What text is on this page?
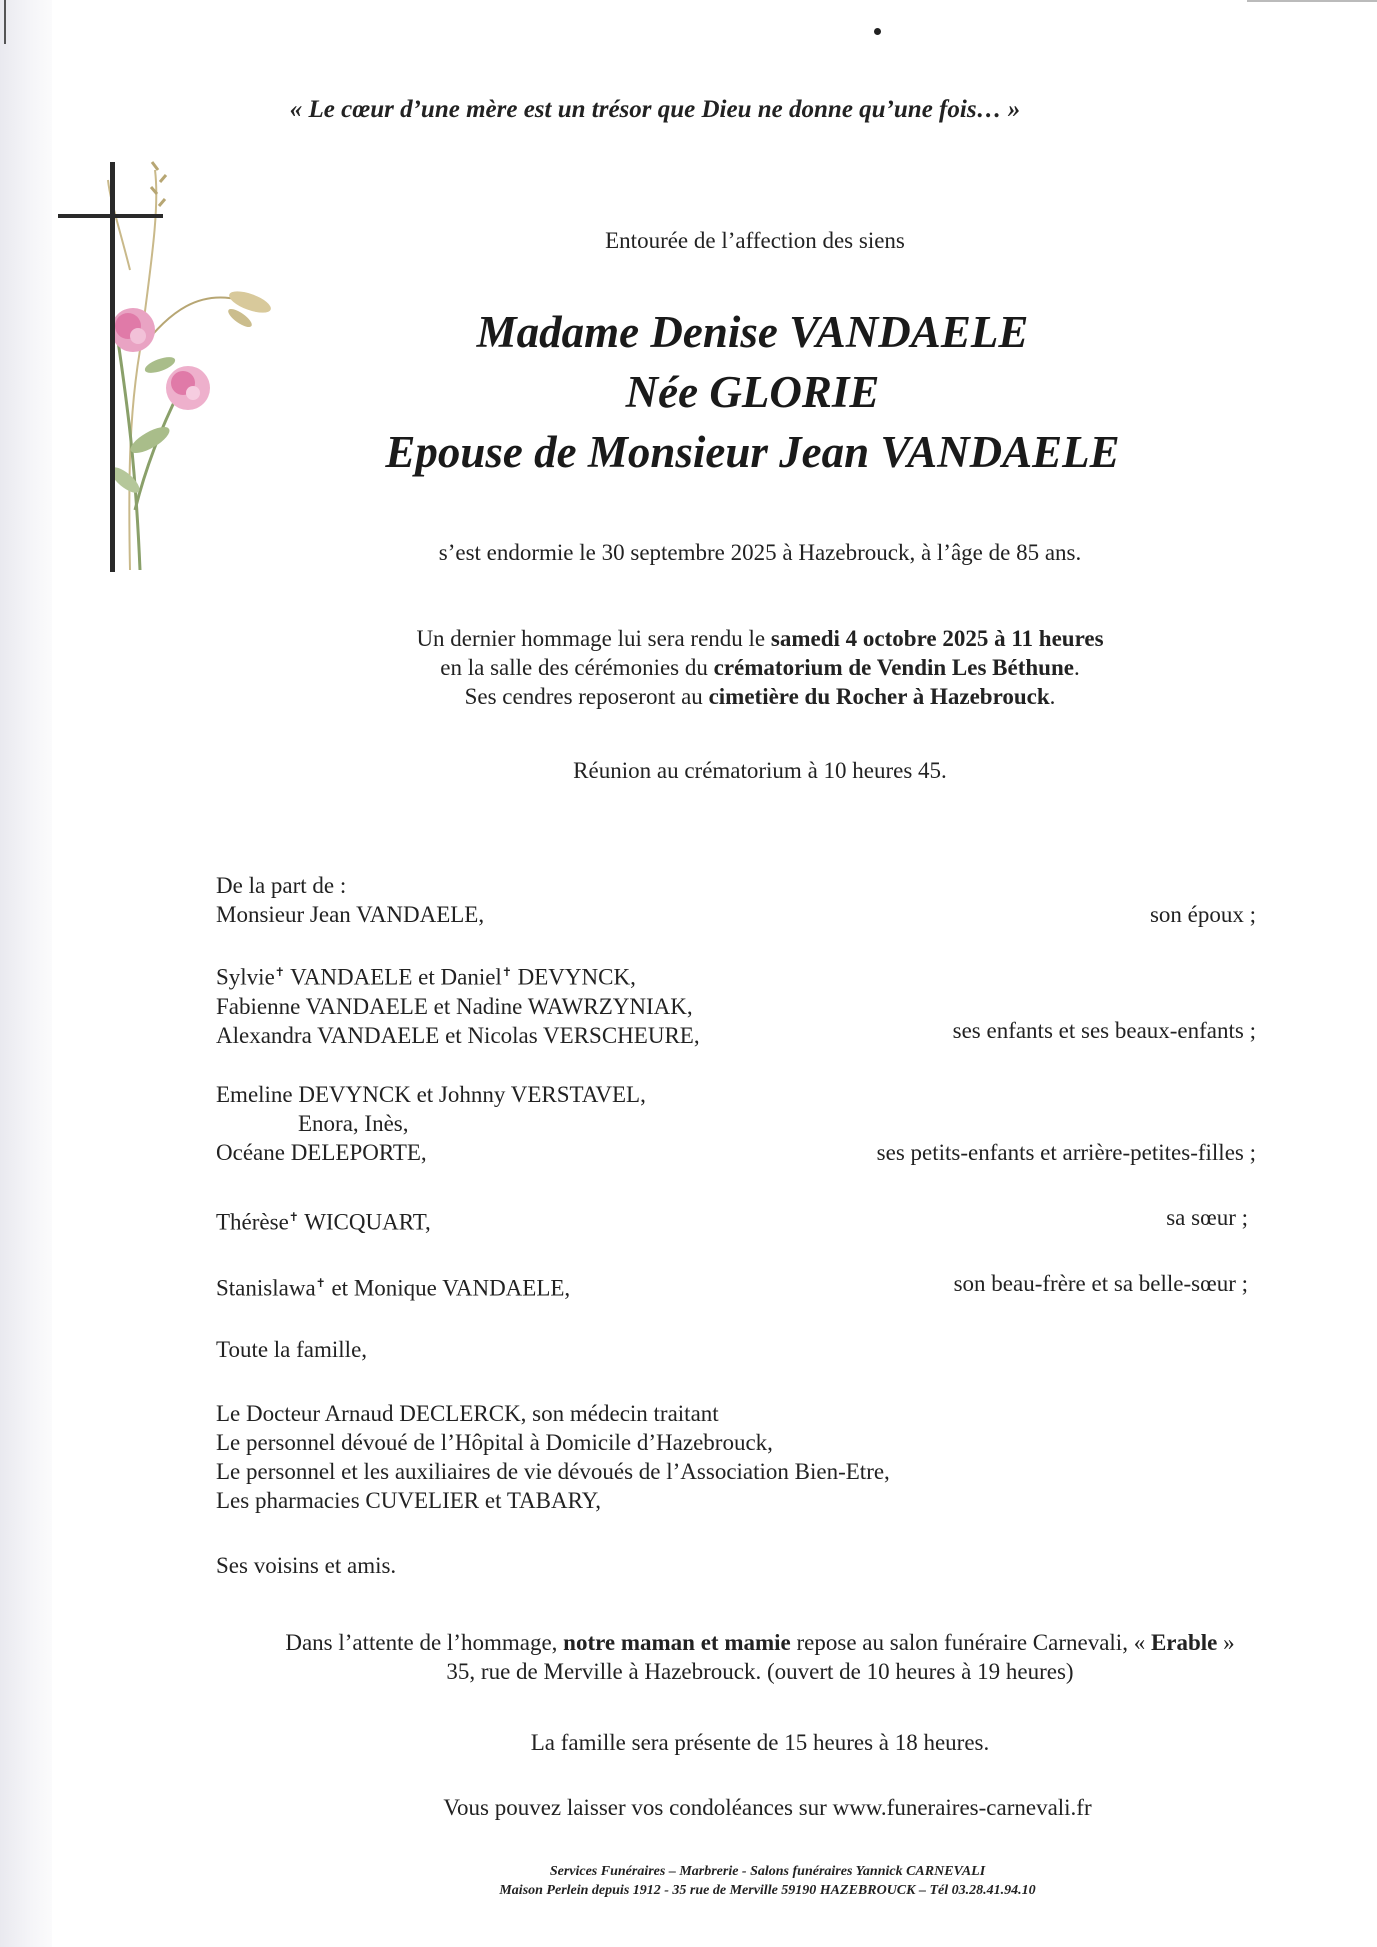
« Le cœur d’une mère est un trésor que Dieu ne donne qu’une fois… »
Entourée de l’affection des siens
Madame Denise VANDAELE
Née GLORIE
Epouse de Monsieur Jean VANDAELE
s’est endormie le 30 septembre 2025 à Hazebrouck, à l’âge de 85 ans.
Un dernier hommage lui sera rendu le samedi 4 octobre 2025 à 11 heures
en la salle des cérémonies du crématorium de Vendin Les Béthune.
Ses cendres reposeront au cimetière du Rocher à Hazebrouck.
Réunion au crématorium à 10 heures 45.
De la part de :
Monsieur Jean VANDAELE,	son époux ;
Sylvie✝ VANDAELE et Daniel✝ DEVYNCK,
Fabienne VANDAELE et Nadine WAWRZYNIAK,
Alexandra VANDAELE et Nicolas VERSCHEURE,	ses enfants et ses beaux-enfants ;
Emeline DEVYNCK et Johnny VERSTAVEL,
Enora, Inès,
Océane DELEPORTE,	ses petits-enfants et arrière-petites-filles ;
Thérèse✝ WICQUART,	sa sœur ;
Stanislawa✝ et Monique VANDAELE,	son beau-frère et sa belle-sœur ;
Toute la famille,
Le Docteur Arnaud DECLERCK, son médecin traitant
Le personnel dévoué de l’Hôpital à Domicile d’Hazebrouck,
Le personnel et les auxiliaires de vie dévoués de l’Association Bien-Etre,
Les pharmacies CUVELIER et TABARY,
Ses voisins et amis.
Dans l’attente de l’hommage, notre maman et mamie repose au salon funéraire Carnevali, « Erable »
35, rue de Merville à Hazebrouck. (ouvert de 10 heures à 19 heures)
La famille sera présente de 15 heures à 18 heures.
Vous pouvez laisser vos condoléances sur www.funeraires-carnevali.fr
Services Funéraires – Marbrerie - Salons funéraires Yannick CARNEVALI
Maison Perlein depuis 1912 - 35 rue de Merville 59190 HAZEBROUCK – Tél 03.28.41.94.10
